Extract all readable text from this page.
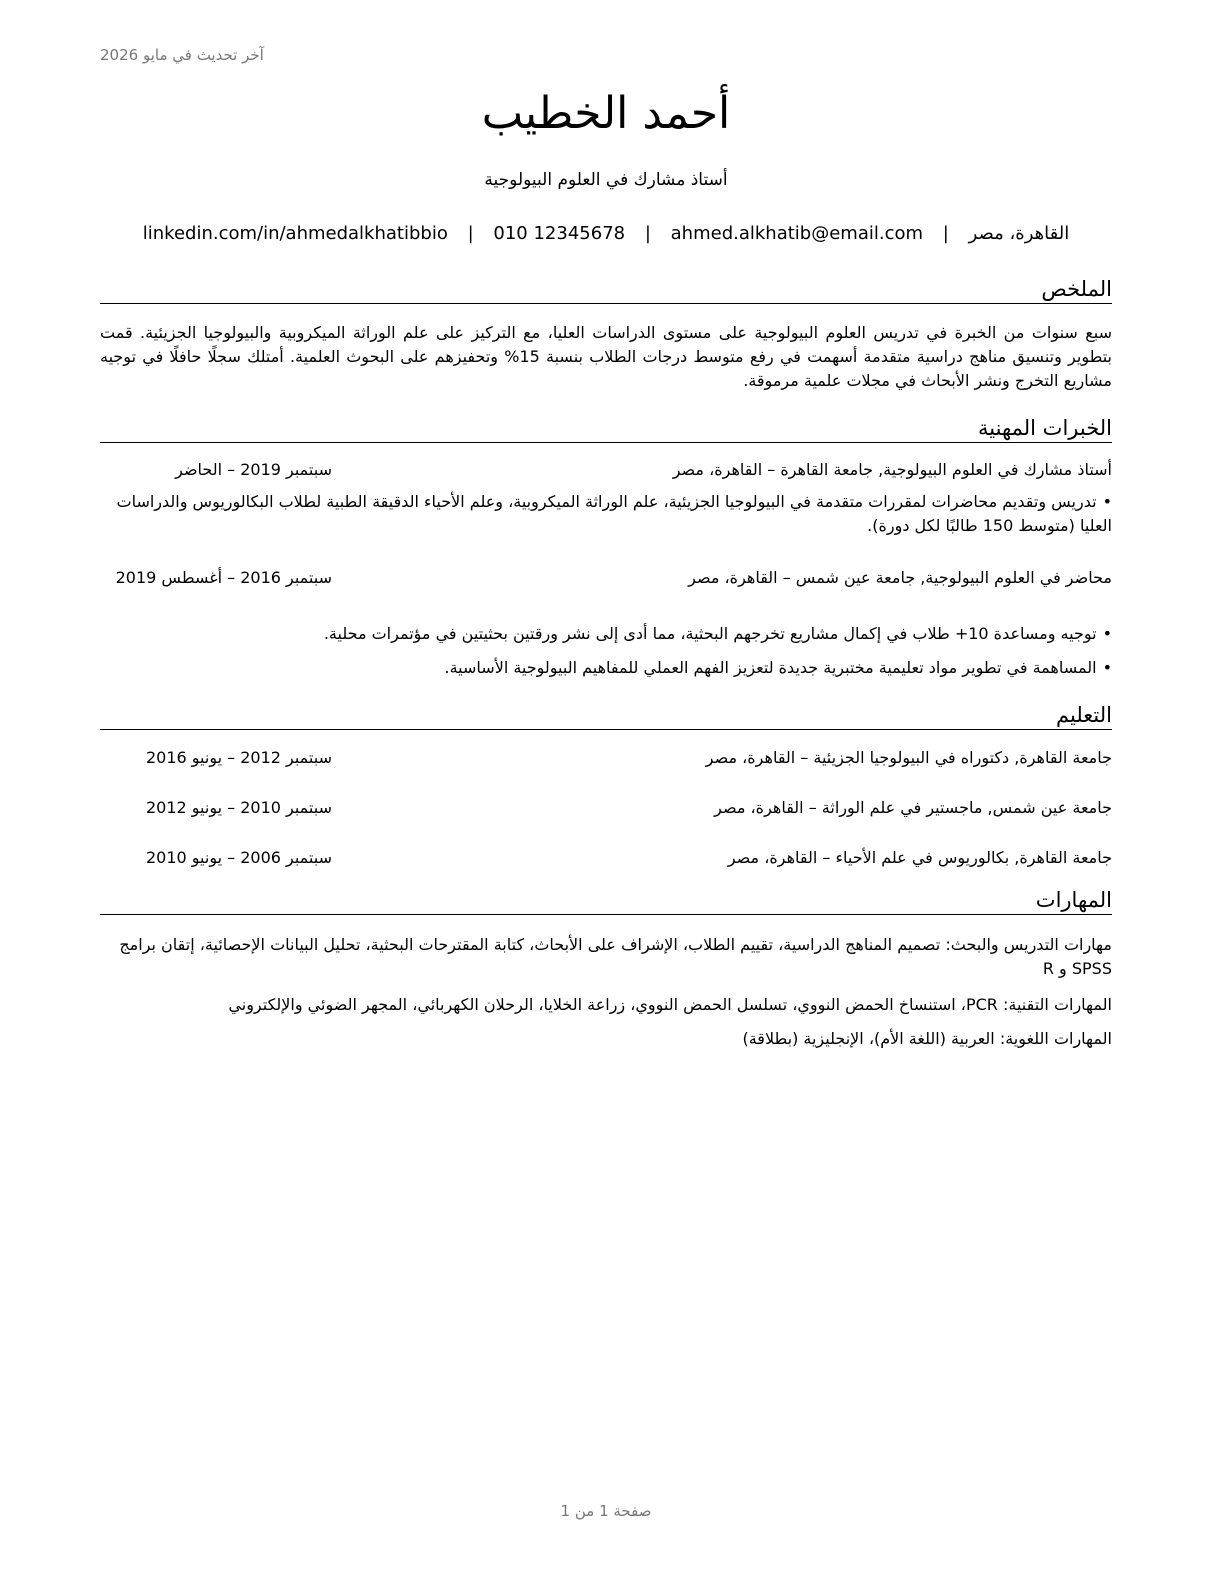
آخر تحديث في مايو 2026
أحمد الخطيب
أستاذ مشارك في العلوم البيولوجية
القاهرة، مصر | ahmed.alkhatib@email.com | 010 12345678 | linkedin.com/in/ahmedalkhatibbio
الملخص
سبع سنوات من الخبرة في تدريس العلوم البيولوجية على مستوى الدراسات العليا، مع التركيز على علم الوراثة الميكروبية والبيولوجيا الجزيئية. قمت بتطوير وتنسيق مناهج دراسية متقدمة أسهمت في رفع متوسط درجات الطلاب بنسبة 15% وتحفيزهم على البحوث العلمية. أمتلك سجلًا حافلًا في توجيه مشاريع التخرج ونشر الأبحاث في مجلات علمية مرموقة.
الخبرات المهنية
أستاذ مشارك في العلوم البيولوجية, جامعة القاهرة – القاهرة، مصر
سبتمبر 2019 – الحاضر
•تدريس وتقديم محاضرات لمقررات متقدمة في البيولوجيا الجزيئية، علم الوراثة الميكروبية، وعلم الأحياء الدقيقة الطبية لطلاب البكالوريوس والدراسات العليا (متوسط 150 طالبًا لكل دورة).
محاضر في العلوم البيولوجية, جامعة عين شمس – القاهرة، مصر
سبتمبر 2016 – أغسطس 2019
•توجيه ومساعدة 10+ طلاب في إكمال مشاريع تخرجهم البحثية، مما أدى إلى نشر ورقتين بحثيتين في مؤتمرات محلية.
•المساهمة في تطوير مواد تعليمية مختبرية جديدة لتعزيز الفهم العملي للمفاهيم البيولوجية الأساسية.
التعليم
جامعة القاهرة, دكتوراه في البيولوجيا الجزيئية – القاهرة، مصر
سبتمبر 2012 – يونيو 2016
جامعة عين شمس, ماجستير في علم الوراثة – القاهرة، مصر
سبتمبر 2010 – يونيو 2012
جامعة القاهرة, بكالوريوس في علم الأحياء – القاهرة، مصر
سبتمبر 2006 – يونيو 2010
المهارات
مهارات التدريس والبحث: تصميم المناهج الدراسية، تقييم الطلاب، الإشراف على الأبحاث، كتابة المقترحات البحثية، تحليل البيانات الإحصائية، إتقان برامج SPSS و R
المهارات التقنية: PCR، استنساخ الحمض النووي، تسلسل الحمض النووي، زراعة الخلايا، الرحلان الكهربائي، المجهر الضوئي والإلكتروني
المهارات اللغوية: العربية (اللغة الأم)، الإنجليزية (بطلاقة)
صفحة 1 من 1
